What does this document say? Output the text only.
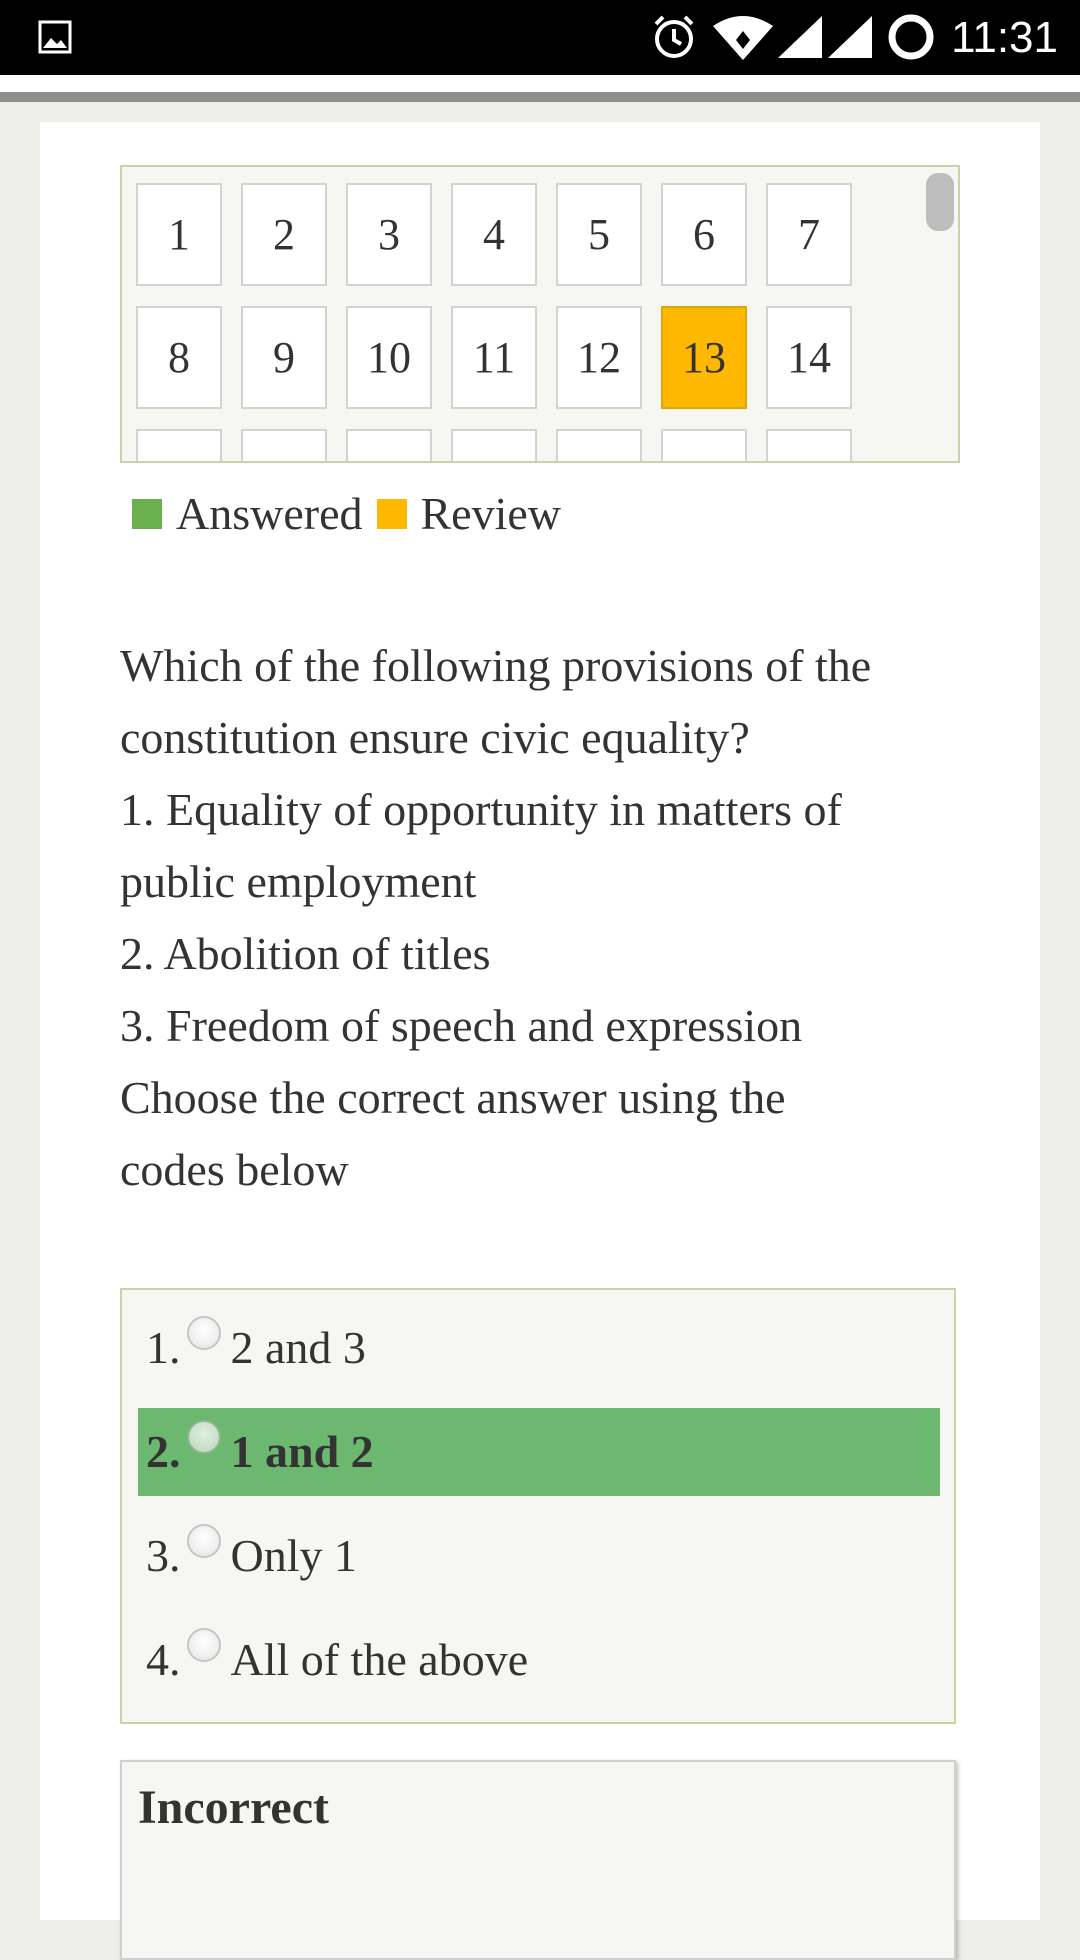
11:31
1	2	3	4	5	6	7
8	9	10	11	12	13	14
Answered Review
Which of the following provisions of the
constitution ensure civic equality?
1. Equality of opportunity in matters of
public employment
2. Abolition of titles
3. Freedom of speech and expression
Choose the correct answer using the
codes below
1. 2 and 3
2. 1 and 2
3. Only 1
4. All of the above
Incorrect
